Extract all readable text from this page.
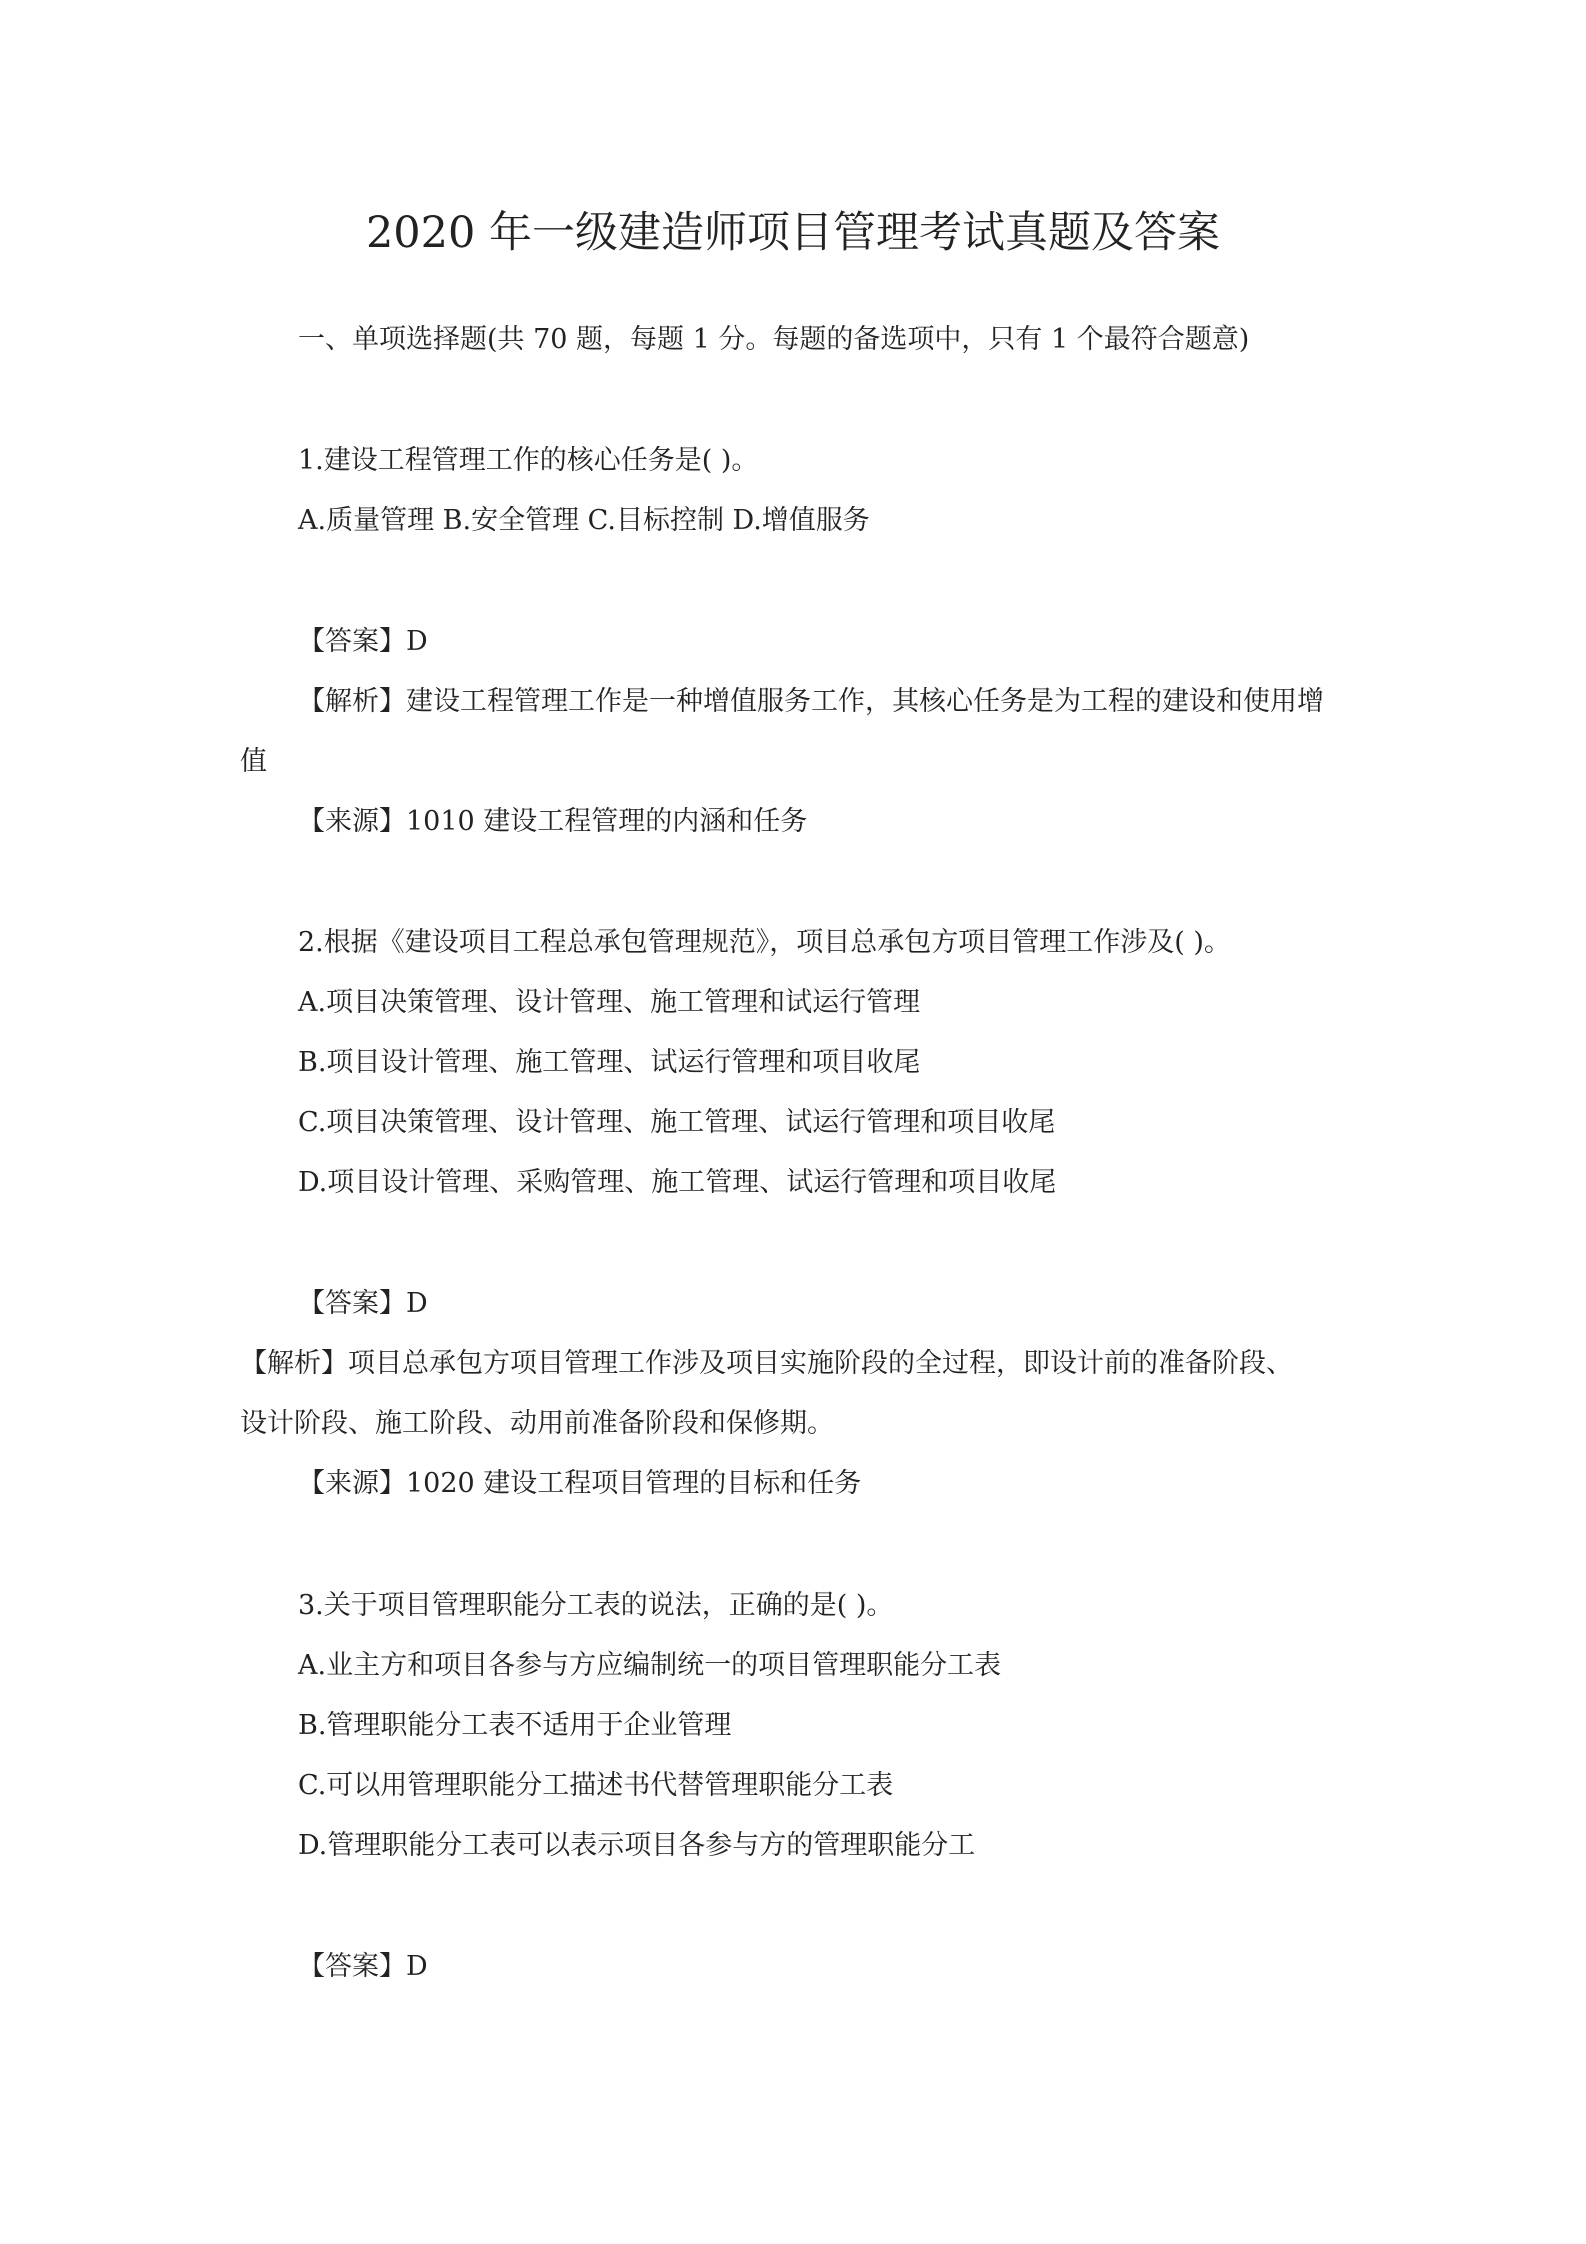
2020 年一级建造师项目管理考试真题及答案
一、单项选择题(共 70 题，每题 1 分。每题的备选项中，只有 1 个最符合题意)
1.建设工程管理工作的核心任务是( )。
A.质量管理 B.安全管理 C.目标控制 D.增值服务
【答案】D
【解析】建设工程管理工作是一种增值服务工作，其核心任务是为工程的建设和使用增
值
【来源】1010 建设工程管理的内涵和任务
2.根据《建设项目工程总承包管理规范》，项目总承包方项目管理工作涉及( )。
A.项目决策管理、设计管理、施工管理和试运行管理
B.项目设计管理、施工管理、试运行管理和项目收尾
C.项目决策管理、设计管理、施工管理、试运行管理和项目收尾
D.项目设计管理、采购管理、施工管理、试运行管理和项目收尾
【答案】D
【解析】项目总承包方项目管理工作涉及项目实施阶段的全过程，即设计前的准备阶段、
设计阶段、施工阶段、动用前准备阶段和保修期。
【来源】1020 建设工程项目管理的目标和任务
3.关于项目管理职能分工表的说法，正确的是( )。
A.业主方和项目各参与方应编制统一的项目管理职能分工表
B.管理职能分工表不适用于企业管理
C.可以用管理职能分工描述书代替管理职能分工表
D.管理职能分工表可以表示项目各参与方的管理职能分工
【答案】D
